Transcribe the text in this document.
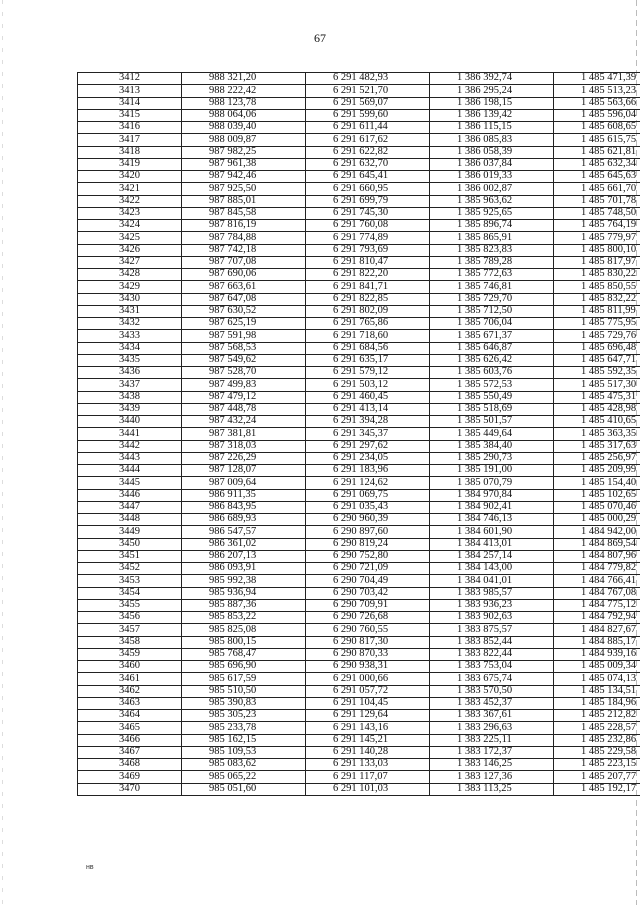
67
3412	988 321,20	6 291 482,93	1 386 392,74	1 485 471,39
3413	988 222,42	6 291 521,70	1 386 295,24	1 485 513,23
3414	988 123,78	6 291 569,07	1 386 198,15	1 485 563,66
3415	988 064,06	6 291 599,60	1 386 139,42	1 485 596,04
3416	988 039,40	6 291 611,44	1 386 115,15	1 485 608,65
3417	988 009,87	6 291 617,62	1 386 085,83	1 485 615,75
3418	987 982,25	6 291 622,82	1 386 058,39	1 485 621,81
3419	987 961,38	6 291 632,70	1 386 037,84	1 485 632,34
3420	987 942,46	6 291 645,41	1 386 019,33	1 485 645,63
3421	987 925,50	6 291 660,95	1 386 002,87	1 485 661,70
3422	987 885,01	6 291 699,79	1 385 963,62	1 485 701,78
3423	987 845,58	6 291 745,30	1 385 925,65	1 485 748,50
3424	987 816,19	6 291 760,08	1 385 896,74	1 485 764,19
3425	987 784,88	6 291 774,89	1 385 865,91	1 485 779,97
3426	987 742,18	6 291 793,69	1 385 823,83	1 485 800,10
3427	987 707,08	6 291 810,47	1 385 789,28	1 485 817,97
3428	987 690,06	6 291 822,20	1 385 772,63	1 485 830,22
3429	987 663,61	6 291 841,71	1 385 746,81	1 485 850,55
3430	987 647,08	6 291 822,85	1 385 729,70	1 485 832,22
3431	987 630,52	6 291 802,09	1 385 712,50	1 485 811,99
3432	987 625,19	6 291 765,86	1 385 706,04	1 485 775,95
3433	987 591,98	6 291 718,60	1 385 671,37	1 485 729,76
3434	987 568,53	6 291 684,56	1 385 646,87	1 485 696,48
3435	987 549,62	6 291 635,17	1 385 626,42	1 485 647,71
3436	987 528,70	6 291 579,12	1 385 603,76	1 485 592,35
3437	987 499,83	6 291 503,12	1 385 572,53	1 485 517,30
3438	987 479,12	6 291 460,45	1 385 550,49	1 485 475,31
3439	987 448,78	6 291 413,14	1 385 518,69	1 485 428,98
3440	987 432,24	6 291 394,28	1 385 501,57	1 485 410,65
3441	987 381,81	6 291 345,37	1 385 449,64	1 485 363,35
3442	987 318,03	6 291 297,62	1 385 384,40	1 485 317,63
3443	987 226,29	6 291 234,05	1 385 290,73	1 485 256,97
3444	987 128,07	6 291 183,96	1 385 191,00	1 485 209,99
3445	987 009,64	6 291 124,62	1 385 070,79	1 485 154,40
3446	986 911,35	6 291 069,75	1 384 970,84	1 485 102,65
3447	986 843,95	6 291 035,43	1 384 902,41	1 485 070,46
3448	986 689,93	6 290 960,39	1 384 746,13	1 485 000,29
3449	986 547,57	6 290 897,60	1 384 601,90	1 484 942,00
3450	986 361,02	6 290 819,24	1 384 413,01	1 484 869,54
3451	986 207,13	6 290 752,80	1 384 257,14	1 484 807,96
3452	986 093,91	6 290 721,09	1 384 143,00	1 484 779,82
3453	985 992,38	6 290 704,49	1 384 041,01	1 484 766,41
3454	985 936,94	6 290 703,42	1 383 985,57	1 484 767,08
3455	985 887,36	6 290 709,91	1 383 936,23	1 484 775,12
3456	985 853,22	6 290 726,68	1 383 902,63	1 484 792,94
3457	985 825,08	6 290 760,55	1 383 875,57	1 484 827,67
3458	985 800,15	6 290 817,30	1 383 852,44	1 484 885,17
3459	985 768,47	6 290 870,33	1 383 822,44	1 484 939,16
3460	985 696,90	6 290 938,31	1 383 753,04	1 485 009,34
3461	985 617,59	6 291 000,66	1 383 675,74	1 485 074,13
3462	985 510,50	6 291 057,72	1 383 570,50	1 485 134,51
3463	985 390,83	6 291 104,45	1 383 452,37	1 485 184,96
3464	985 305,23	6 291 129,64	1 383 367,61	1 485 212,82
3465	985 233,78	6 291 143,16	1 383 296,63	1 485 228,57
3466	985 162,15	6 291 145,21	1 383 225,11	1 485 232,86
3467	985 109,53	6 291 140,28	1 383 172,37	1 485 229,58
3468	985 083,62	6 291 133,03	1 383 146,25	1 485 223,15
3469	985 065,22	6 291 117,07	1 383 127,36	1 485 207,77
3470	985 051,60	6 291 101,03	1 383 113,25	1 485 192,17
нв
